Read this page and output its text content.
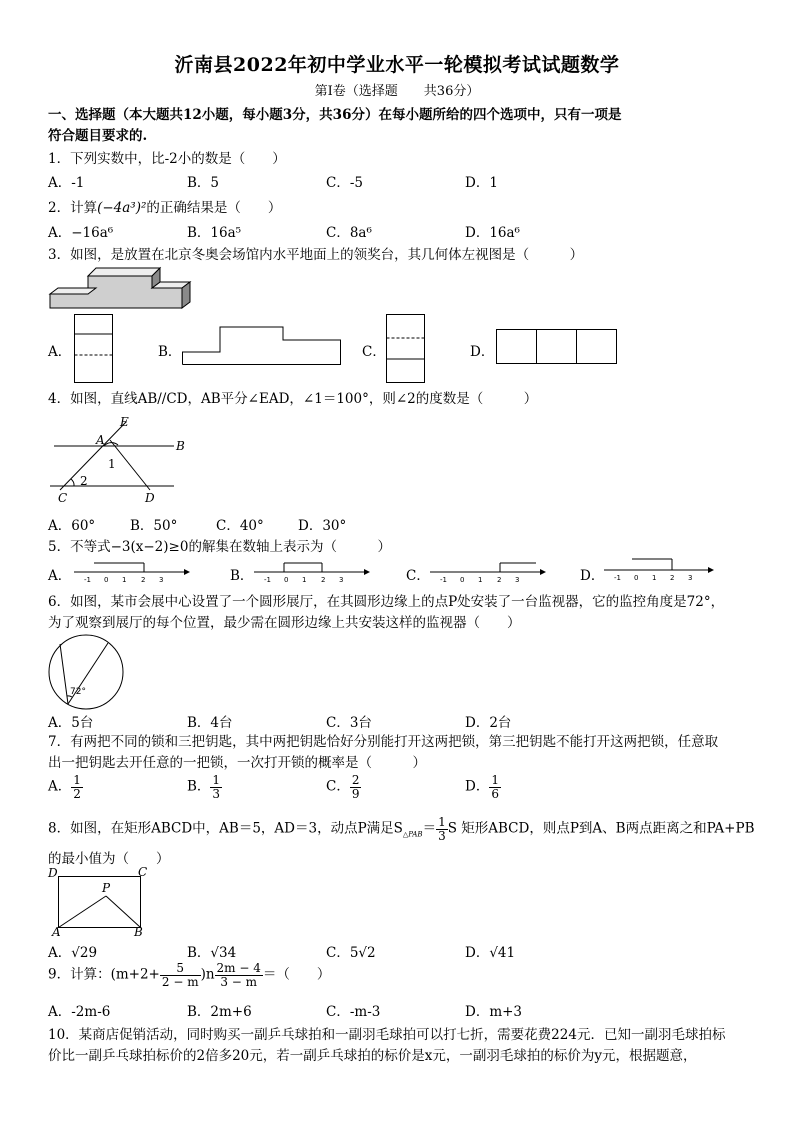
沂南县2022年初中学业水平一轮模拟考试试题数学
第Ⅰ卷（选择题　　共36分）
一、选择题（本大题共12小题，每小题3分，共36分）在每小题所给的四个选项中，只有一项是
符合题目要求的.
1．下列实数中，比-2小的数是（　　）
A．-1	B．5	C．-5	D．1
2．计算(−4a³)²的正确结果是（　　）
A．−16a⁶	B．16a⁵	C．8a⁶	D．16a⁶
3．如图，是放置在北京冬奥会场馆内水平地面上的领奖台，其几何体左视图是（　　　）
A．	B．	C．	D．
4．如图，直线AB//CD，AB平分∠EAD，∠1＝100°，则∠2的度数是（　　　）
E
A	B
C	D
1
2
A．60°	B．50°	C．40°	D．30°
5．不等式−3(x−2)≥0的解集在数轴上表示为（　　　）
A． -1 0 1 2 3	B． -1 0 1 2 3	C． -1 0 1 2 3	D． -1 0 1 2 3
6．如图，某市会展中心设置了一个圆形展厅，在其圆形边缘上的点P处安装了一台监视器，它的监控角度是72°，
为了观察到展厅的每个位置，最少需在圆形边缘上共安装这样的监视器（　　）
72°
A．5台	B．4台	C．3台	D．2台
7．有两把不同的锁和三把钥匙，其中两把钥匙恰好分别能打开这两把锁，第三把钥匙不能打开这两把锁，任意取
出一把钥匙去开任意的一把锁，一次打开锁的概率是（　　　）
A． $\frac{1}{2}$	B． $\frac{1}{3}$	C． $\frac{2}{9}$	D． $\frac{1}{6}$
8．如图，在矩形ABCD中，AB＝5，AD＝3，动点P满足$S_{\triangle PAB}= \frac{1}{3}$ S 矩形ABCD，则点P到A、B两点距离之和PA+PB
的最小值为（　　）
D	C
P
A	B
A．√29	B．√34	C．5√2	D．√41
9．计算：$(m+2+ \frac{5}{2 - m} )n \frac{2m - 4}{3 - m}$ ＝（　　）
A．-2m-6	B．2m+6	C．-m-3	D．m+3
10．某商店促销活动，同时购买一副乒乓球拍和一副羽毛球拍可以打七折，需要花费224元．已知一副羽毛球拍标
价比一副乒乓球拍标价的2倍多20元，若一副乒乓球拍的标价是x元，一副羽毛球拍的标价为y元，根据题意，
